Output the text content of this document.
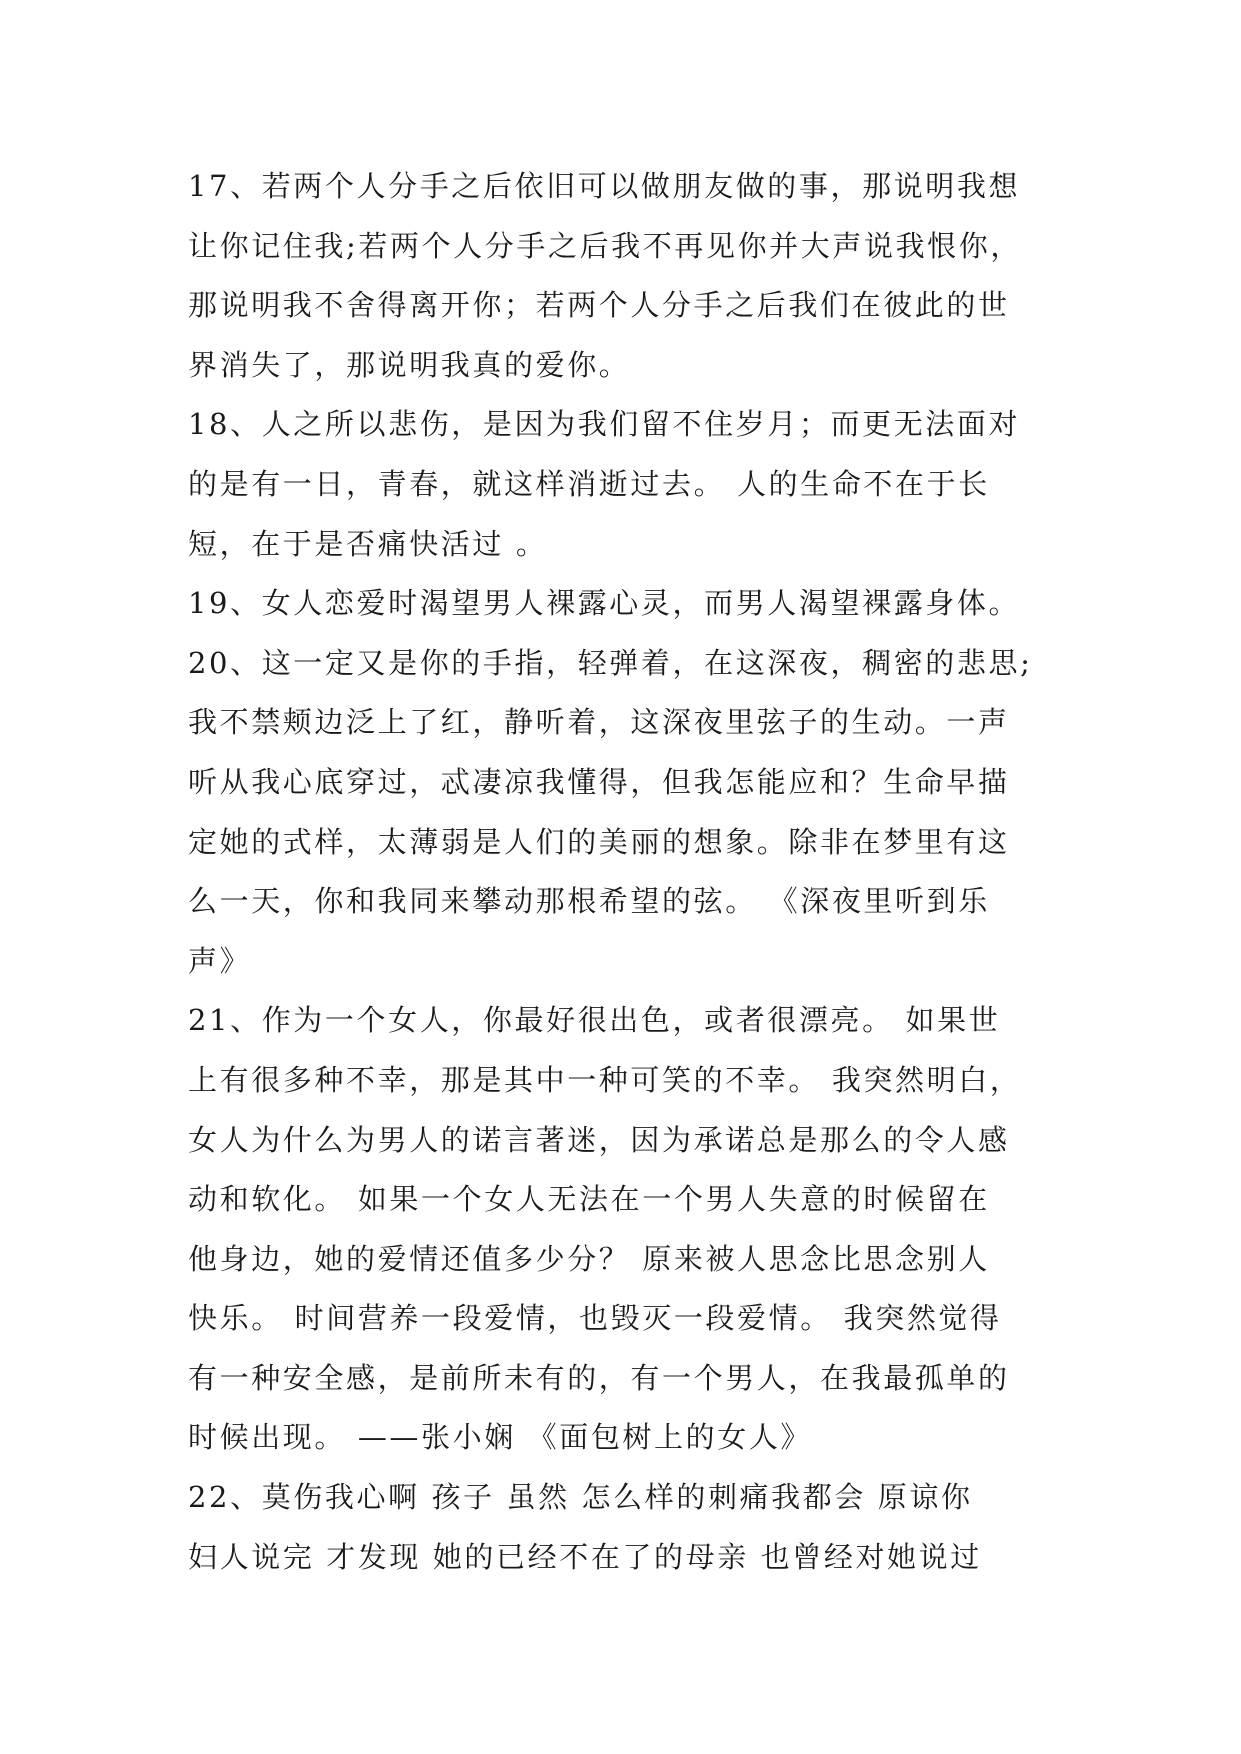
17、若两个人分手之后依旧可以做朋友做的事，那说明我想
让你记住我;若两个人分手之后我不再见你并大声说我恨你，
那说明我不舍得离开你；若两个人分手之后我们在彼此的世
界消失了，那说明我真的爱你。
18、人之所以悲伤，是因为我们留不住岁月；而更无法面对
的是有一日，青春，就这样消逝过去。 人的生命不在于长
短，在于是否痛快活过 。
19、女人恋爱时渴望男人裸露心灵，而男人渴望裸露身体。
20、这一定又是你的手指，轻弹着，在这深夜，稠密的悲思;
我不禁颊边泛上了红，静听着，这深夜里弦子的生动。一声
听从我心底穿过，忒凄凉我懂得，但我怎能应和？生命早描
定她的式样，太薄弱是人们的美丽的想象。除非在梦里有这
么一天，你和我同来攀动那根希望的弦。 《深夜里听到乐
声》
21、作为一个女人，你最好很出色，或者很漂亮。 如果世
上有很多种不幸，那是其中一种可笑的不幸。 我突然明白，
女人为什么为男人的诺言著迷，因为承诺总是那么的令人感
动和软化。 如果一个女人无法在一个男人失意的时候留在
他身边，她的爱情还值多少分？ 原来被人思念比思念别人
快乐。 时间营养一段爱情，也毁灭一段爱情。 我突然觉得
有一种安全感，是前所未有的，有一个男人，在我最孤单的
时候出现。 ——张小娴 《面包树上的女人》
22、莫伤我心啊 孩子 虽然 怎么样的刺痛我都会 原谅你
妇人说完 才发现 她的已经不在了的母亲 也曾经对她说过
